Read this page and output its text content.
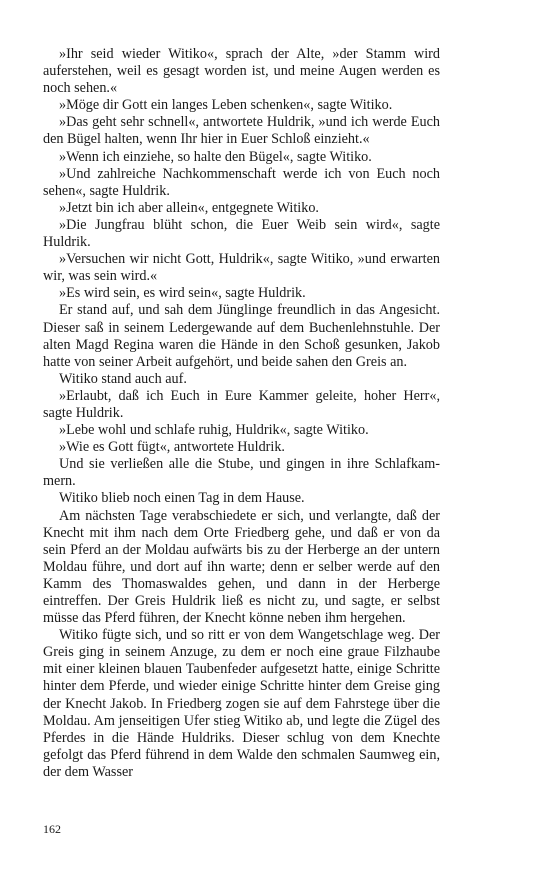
»Ihr seid wieder Witiko«, sprach der Alte, »der Stamm wird auferstehen, weil es gesagt worden ist, und meine Augen werden es noch sehen.«

»Möge dir Gott ein langes Leben schenken«, sagte Witiko.

»Das geht sehr schnell«, antwortete Huldrik, »und ich werde Euch den Bügel halten, wenn Ihr hier in Euer Schloß einzieht.«

»Wenn ich einziehe, so halte den Bügel«, sagte Witiko.

»Und zahlreiche Nachkommenschaft werde ich von Euch noch sehen«, sagte Huldrik.

»Jetzt bin ich aber allein«, entgegnete Witiko.

»Die Jungfrau blüht schon, die Euer Weib sein wird«, sagte Huldrik.

»Versuchen wir nicht Gott, Huldrik«, sagte Witiko, »und erwarten wir, was sein wird.«

»Es wird sein, es wird sein«, sagte Huldrik.

Er stand auf, und sah dem Jünglinge freundlich in das Angesicht. Dieser saß in seinem Ledergewande auf dem Buchenlehnstuhle. Der alten Magd Regina waren die Hände in den Schoß gesunken, Jakob hatte von seiner Arbeit aufgehört, und beide sahen den Greis an.

Witiko stand auch auf.

»Erlaubt, daß ich Euch in Eure Kammer geleite, hoher Herr«, sagte Huldrik.

»Lebe wohl und schlafe ruhig, Huldrik«, sagte Witiko.

»Wie es Gott fügt«, antwortete Huldrik.

Und sie verließen alle die Stube, und gingen in ihre Schlafkammern.

Witiko blieb noch einen Tag in dem Hause.

Am nächsten Tage verabschiedete er sich, und verlangte, daß der Knecht mit ihm nach dem Orte Friedberg gehe, und daß er von da sein Pferd an der Moldau aufwärts bis zu der Herberge an der untern Moldau führe, und dort auf ihn warte; denn er selber werde auf den Kamm des Thomaswaldes gehen, und dann in der Herberge eintreffen. Der Greis Huldrik ließ es nicht zu, und sagte, er selbst müsse das Pferd führen, der Knecht könne neben ihm hergehen.

Witiko fügte sich, und so ritt er von dem Wangetschlage weg. Der Greis ging in seinem Anzuge, zu dem er noch eine graue Filzhaube mit einer kleinen blauen Taubenfeder aufgesetzt hatte, einige Schritte hinter dem Pferde, und wieder einige Schritte hinter dem Greise ging der Knecht Jakob. In Friedberg zogen sie auf dem Fahrstege über die Moldau. Am jenseitigen Ufer stieg Witiko ab, und legte die Zügel des Pferdes in die Hände Huldriks. Dieser schlug von dem Knechte gefolgt das Pferd führend in dem Walde den schmalen Saumweg ein, der dem Wasser

162
